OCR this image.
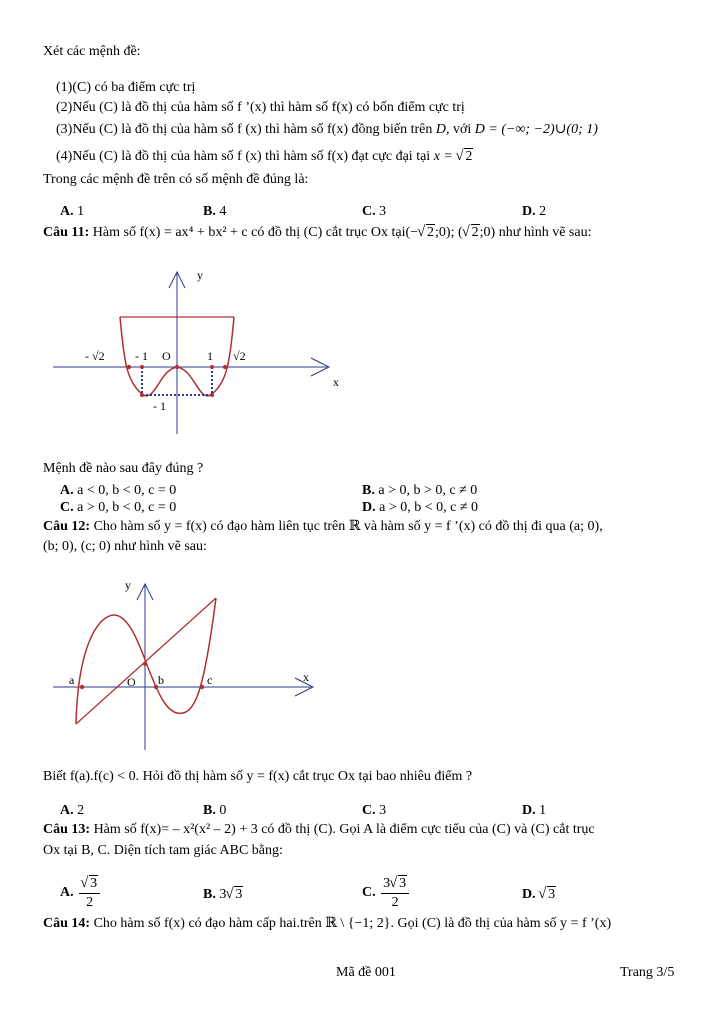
Xét các mệnh đề:
(1)(C) có ba điểm cực trị
(2)Nếu (C) là đồ thị của hàm số f ’(x) thì hàm số f(x) có bốn điểm cực trị
(3)Nếu (C) là đồ thị của hàm số f (x) thì hàm số f(x) đồng biến trên D, với D = (−∞; −2)∪(0; 1)
(4)Nếu (C) là đồ thị của hàm số f (x) thì hàm số f(x) đạt cực đại tại x = √ 2
Trong các mệnh đề trên có số mệnh đề đúng là:
A. 1	B. 4	C. 3	D. 2
Câu 11: Hàm số f(x) = ax⁴ + bx² + c có đồ thị (C) cắt trục Ox tại(− √ 2;0); ( √ 2;0) như hình vẽ sau:
y
x
- √2	- 1 O	1 √2
- 1
Mệnh đề nào sau đây đúng ?
A. a < 0, b < 0, c = 0	B. a > 0, b > 0, c ≠ 0
C. a > 0, b < 0, c = 0	D. a > 0, b < 0, c ≠ 0
Câu 12: Cho hàm số y = f(x) có đạo hàm liên tục trên ℝ và hàm số y = f ’(x) có đồ thị đi qua (a; 0),
(b; 0), (c; 0) như hình vẽ sau:
y
x
a	O b	c
Biết f(a).f(c) < 0. Hỏi đồ thị hàm số y = f(x) cắt trục Ox tại bao nhiêu điểm ?
A. 2	B. 0	C. 3	D. 1
Câu 13: Hàm số f(x)= – x²(x² – 2) + 3 có đồ thị (C). Gọi A là điểm cực tiểu của (C) và (C) cắt trục
Ox tại B, C. Diện tích tam giác ABC bằng:
A. √ $\frac{3}{2}$	B. 3 √ 3	C. $\frac{3 √ 3}{2}$	D. √ 3
Câu 14: Cho hàm số f(x) có đạo hàm cấp hai.trên ℝ \ {−1; 2}. Gọi (C) là đồ thị của hàm số y = f ’(x)
Mã đề 001	Trang 3/5
